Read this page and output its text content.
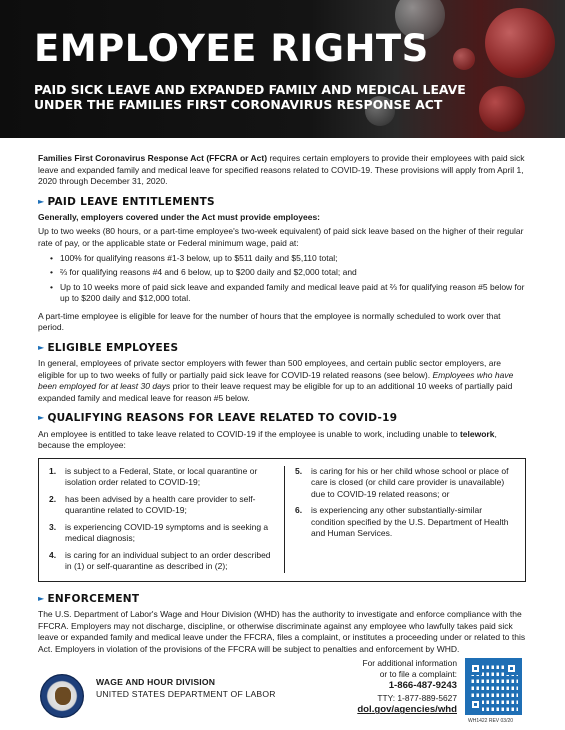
EMPLOYEE RIGHTS
PAID SICK LEAVE AND EXPANDED FAMILY AND MEDICAL LEAVE
UNDER THE FAMILIES FIRST CORONAVIRUS RESPONSE ACT

Families First Coronavirus Response Act (FFCRA or Act) requires certain employers to provide their employees with paid sick leave and expanded family and medical leave for specified reasons related to COVID-19. These provisions will apply from April 1, 2020 through December 31, 2020.

► PAID LEAVE ENTITLEMENTS

Generally, employers covered under the Act must provide employees:

Up to two weeks (80 hours, or a part-time employee's two-week equivalent) of paid sick leave based on the higher of their regular rate of pay, or the applicable state or Federal minimum wage, paid at:

• 100% for qualifying reasons #1-3 below, up to $511 daily and $5,110 total;
• ⅔ for qualifying reasons #4 and 6 below, up to $200 daily and $2,000 total; and
• Up to 10 weeks more of paid sick leave and expanded family and medical leave paid at ⅔ for qualifying reason #5 below for up to $200 daily and $12,000 total.

A part-time employee is eligible for leave for the number of hours that the employee is normally scheduled to work over that period.

► ELIGIBLE EMPLOYEES

In general, employees of private sector employers with fewer than 500 employees, and certain public sector employers, are eligible for up to two weeks of fully or partially paid sick leave for COVID-19 related reasons (see below). Employees who have been employed for at least 30 days prior to their leave request may be eligible for up to an additional 10 weeks of partially paid expanded family and medical leave for reason #5 below.

► QUALIFYING REASONS FOR LEAVE RELATED TO COVID-19

An employee is entitled to take leave related to COVID-19 if the employee is unable to work, including unable to telework, because the employee:

1.	is subject to a Federal, State, or local quarantine or isolation order related to COVID-19;
2.	has been advised by a health care provider to self-quarantine related to COVID-19;
3.	is experiencing COVID-19 symptoms and is seeking a medical diagnosis;
4.	is caring for an individual subject to an order described in (1) or self-quarantine as described in (2);
5.	is caring for his or her child whose school or place of care is closed (or child care provider is unavailable) due to COVID-19 related reasons; or
6.	is experiencing any other substantially-similar condition specified by the U.S. Department of Health and Human Services.
► ENFORCEMENT

The U.S. Department of Labor's Wage and Hour Division (WHD) has the authority to investigate and enforce compliance with the FFCRA. Employers may not discharge, discipline, or otherwise discriminate against any employee who lawfully takes paid sick leave or expanded family and medical leave under the FFCRA, files a complaint, or institutes a proceeding under or related to this Act. Employers in violation of the provisions of the FFCRA will be subject to penalties and enforcement by WHD.

WAGE AND HOUR DIVISION
UNITED STATES DEPARTMENT OF LABOR
For additional information
or to file a complaint:
1-866-487-9243
TTY: 1-877-889-5627
dol.gov/agencies/whd
WH1422 REV 03/20
